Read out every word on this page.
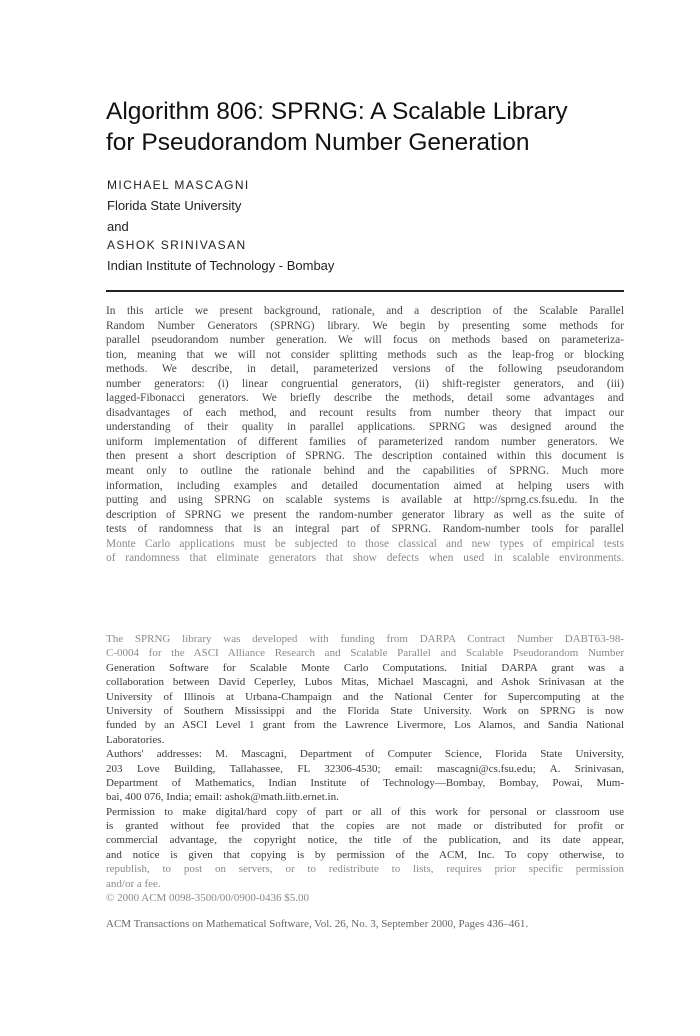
Algorithm 806: SPRNG: A Scalable Library
for Pseudorandom Number Generation
MICHAEL MASCAGNI
Florida State University
and
ASHOK SRINIVASAN
Indian Institute of Technology - Bombay
In this article we present background, rationale, and a description of the Scalable Parallel
Random Number Generators (SPRNG) library. We begin by presenting some methods for
parallel pseudorandom number generation. We will focus on methods based on parameteriza-
tion, meaning that we will not consider splitting methods such as the leap-frog or blocking
methods. We describe, in detail, parameterized versions of the following pseudorandom
number generators: (i) linear congruential generators, (ii) shift-register generators, and (iii)
lagged-Fibonacci generators. We briefly describe the methods, detail some advantages and
disadvantages of each method, and recount results from number theory that impact our
understanding of their quality in parallel applications. SPRNG was designed around the
uniform implementation of different families of parameterized random number generators. We
then present a short description of SPRNG. The description contained within this document is
meant only to outline the rationale behind and the capabilities of SPRNG. Much more
information, including examples and detailed documentation aimed at helping users with
putting and using SPRNG on scalable systems is available at http://sprng.cs.fsu.edu. In the
description of SPRNG we present the random-number generator library as well as the suite of
tests of randomness that is an integral part of SPRNG. Random-number tools for parallel
Monte Carlo applications must be subjected to those classical and new types of empirical tests
of randomness that eliminate generators that show defects when used in scalable environments.
The SPRNG library was developed with funding from DARPA Contract Number DABT63-98-
C-0004 for the ASCI Alliance Research and Scalable Parallel and Scalable Pseudorandom Number
Generation Software for Scalable Monte Carlo Computations. Initial DARPA grant was a
collaboration between David Ceperley, Lubos Mitas, Michael Mascagni, and Ashok Srinivasan at the
University of Illinois at Urbana-Champaign and the National Center for Supercomputing at the
University of Southern Mississippi and the Florida State University. Work on SPRNG is now
funded by an ASCI Level 1 grant from the Lawrence Livermore, Los Alamos, and Sandia National
Laboratories.
Authors' addresses: M. Mascagni, Department of Computer Science, Florida State University,
203 Love Building, Tallahassee, FL 32306-4530; email: mascagni@cs.fsu.edu; A. Srinivasan,
Department of Mathematics, Indian Institute of Technology—Bombay, Bombay, Powai, Mum-
bai, 400 076, India; email: ashok@math.iitb.ernet.in.
Permission to make digital/hard copy of part or all of this work for personal or classroom use
is granted without fee provided that the copies are not made or distributed for profit or
commercial advantage, the copyright notice, the title of the publication, and its date appear,
and notice is given that copying is by permission of the ACM, Inc. To copy otherwise, to
republish, to post on servers, or to redistribute to lists, requires prior specific permission
and/or a fee.
© 2000 ACM 0098-3500/00/0900-0436 $5.00
ACM Transactions on Mathematical Software, Vol. 26, No. 3, September 2000, Pages 436–461.
